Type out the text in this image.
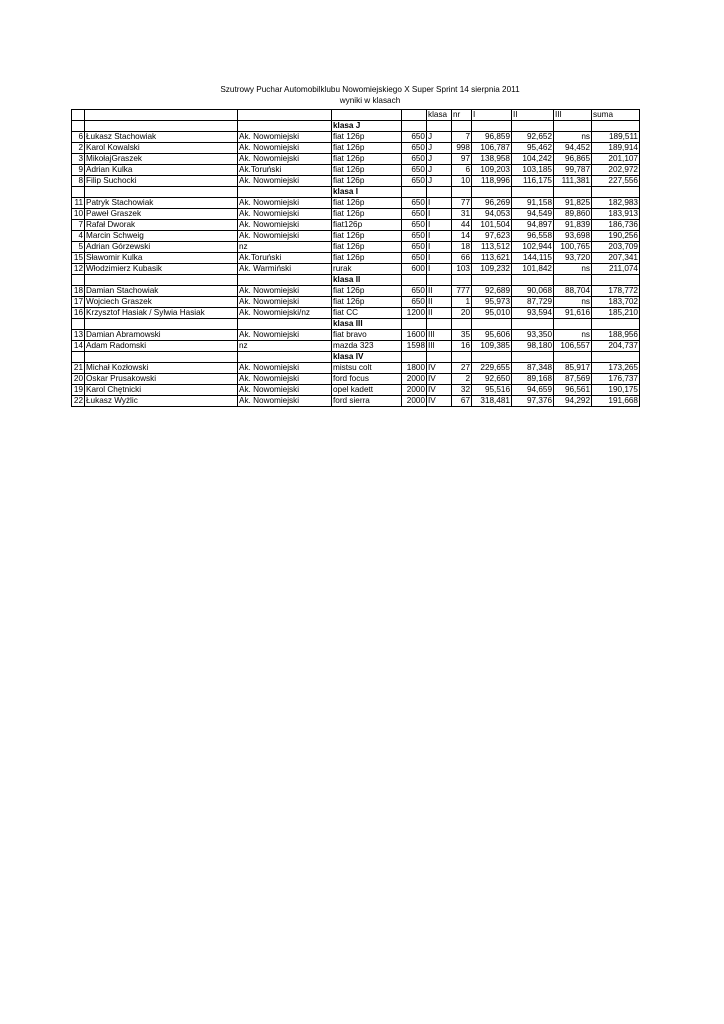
Szutrowy Puchar Automobilklubu Nowomiejskiego X Super Sprint 14 sierpnia 2011
wyniki w klasach
					klasa	nr	I	II	III	suma
			klasa J							
6	Łukasz Stachowiak	Ak. Nowomiejski	fiat 126p	650	J	7	96,859	92,652	ns	189,511
2	Karol Kowalski	Ak. Nowomiejski	fiat 126p	650	J	998	106,787	95,462	94,452	189,914
3	MikołajGraszek	Ak. Nowomiejski	fiat 126p	650	J	97	138,958	104,242	96,865	201,107
9	Adrian Kulka	Ak.Toruński	fiat 126p	650	J	6	109,203	103,185	99,787	202,972
8	Filip Suchocki	Ak. Nowomiejski	fiat 126p	650	J	10	118,996	116,175	111,381	227,556
			klasa I							
11	Patryk Stachowiak	Ak. Nowomiejski	fiat 126p	650	I	77	96,269	91,158	91,825	182,983
10	Paweł Graszek	Ak. Nowomiejski	fiat 126p	650	I	31	94,053	94,549	89,860	183,913
7	Rafał Dworak	Ak. Nowomiejski	fiat126p	650	I	44	101,504	94,897	91,839	186,736
4	Marcin Schweig	Ak. Nowomiejski	fiat 126p	650	I	14	97,623	96,558	93,698	190,256
5	Adrian Górzewski	nz	fiat 126p	650	I	18	113,512	102,944	100,765	203,709
15	Sławomir Kulka	Ak.Toruński	fiat 126p	650	I	66	113,621	144,115	93,720	207,341
12	Włodzimierz Kubasik	Ak. Warmiński	rurak	600	I	103	109,232	101,842	ns	211,074
			klasa II							
18	Damian Stachowiak	Ak. Nowomiejski	fiat 126p	650	II	777	92,689	90,068	88,704	178,772
17	Wojciech Graszek	Ak. Nowomiejski	fiat 126p	650	II	1	95,973	87,729	ns	183,702
16	Krzysztof Hasiak / Sylwia Hasiak	Ak. Nowomiejski/nz	fiat CC	1200	II	20	95,010	93,594	91,616	185,210
			klasa III							
13	Damian Abramowski	Ak. Nowomiejski	fiat bravo	1600	III	35	95,606	93,350	ns	188,956
14	Adam Radomski	nz	mazda 323	1598	III	16	109,385	98,180	106,557	204,737
			klasa IV							
21	Michał Kozłowski	Ak. Nowomiejski	mistsu colt	1800	IV	27	229,655	87,348	85,917	173,265
20	Oskar Prusakowski	Ak. Nowomiejski	ford focus	2000	IV	2	92,650	89,168	87,569	176,737
19	Karol Chętnicki	Ak. Nowomiejski	opel kadett	2000	IV	32	95,516	94,659	96,561	190,175
22	Łukasz Wyżlic	Ak. Nowomiejski	ford sierra	2000	IV	67	318,481	97,376	94,292	191,668
